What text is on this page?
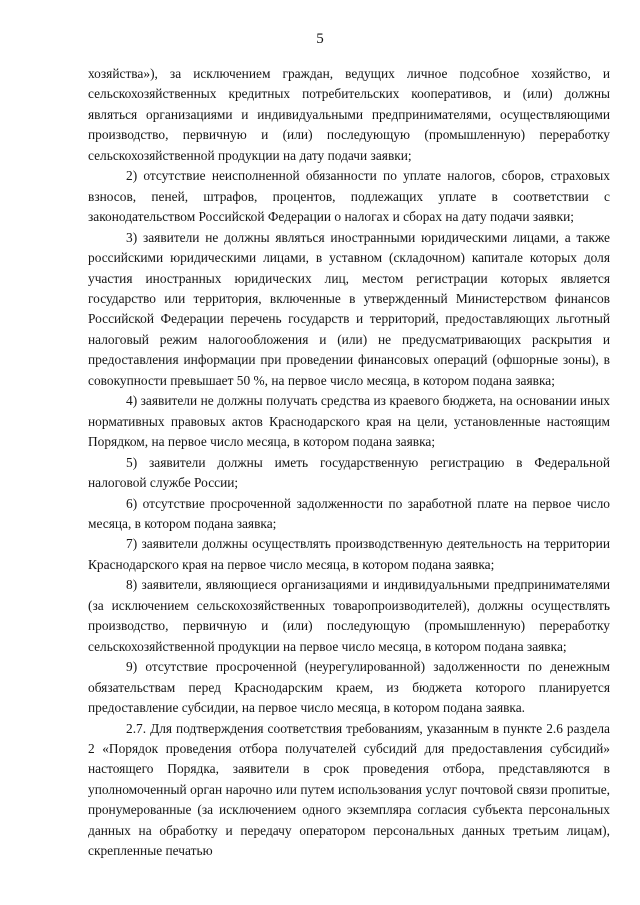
5

хозяйства»), за исключением граждан, ведущих личное подсобное хозяйство, и сельскохозяйственных кредитных потребительских кооперативов, и (или) должны являться организациями и индивидуальными предпринимателями, осуществляющими производство, первичную и (или) последующую (промышленную) переработку сельскохозяйственной продукции на дату подачи заявки;

2) отсутствие неисполненной обязанности по уплате налогов, сборов, страховых взносов, пеней, штрафов, процентов, подлежащих уплате в соответствии с законодательством Российской Федерации о налогах и сборах на дату подачи заявки;

3) заявители не должны являться иностранными юридическими лицами, а также российскими юридическими лицами, в уставном (складочном) капитале которых доля участия иностранных юридических лиц, местом регистрации которых является государство или территория, включенные в утвержденный Министерством финансов Российской Федерации перечень государств и территорий, предоставляющих льготный налоговый режим налогообложения и (или) не предусматривающих раскрытия и предоставления информации при проведении финансовых операций (офшорные зоны), в совокупности превышает 50 %, на первое число месяца, в котором подана заявка;

4) заявители не должны получать средства из краевого бюджета, на основании иных нормативных правовых актов Краснодарского края на цели, установленные настоящим Порядком, на первое число месяца, в котором подана заявка;

5) заявители должны иметь государственную регистрацию в Федеральной налоговой службе России;

6) отсутствие просроченной задолженности по заработной плате на первое число месяца, в котором подана заявка;

7) заявители должны осуществлять производственную деятельность на территории Краснодарского края на первое число месяца, в котором подана заявка;

8) заявители, являющиеся организациями и индивидуальными предпринимателями (за исключением сельскохозяйственных товаропроизводителей), должны осуществлять производство, первичную и (или) последующую (промышленную) переработку сельскохозяйственной продукции на первое число месяца, в котором подана заявка;

9) отсутствие просроченной (неурегулированной) задолженности по денежным обязательствам перед Краснодарским краем, из бюджета которого планируется предоставление субсидии, на первое число месяца, в котором подана заявка.

2.7. Для подтверждения соответствия требованиям, указанным в пункте 2.6 раздела 2 «Порядок проведения отбора получателей субсидий для предоставления субсидий» настоящего Порядка, заявители в срок проведения отбора, представляются в уполномоченный орган нарочно или путем использования услуг почтовой связи пропитые, пронумерованные (за исключением одного экземпляра согласия субъекта персональных данных на обработку и передачу оператором персональных данных третьим лицам), скрепленные печатью
